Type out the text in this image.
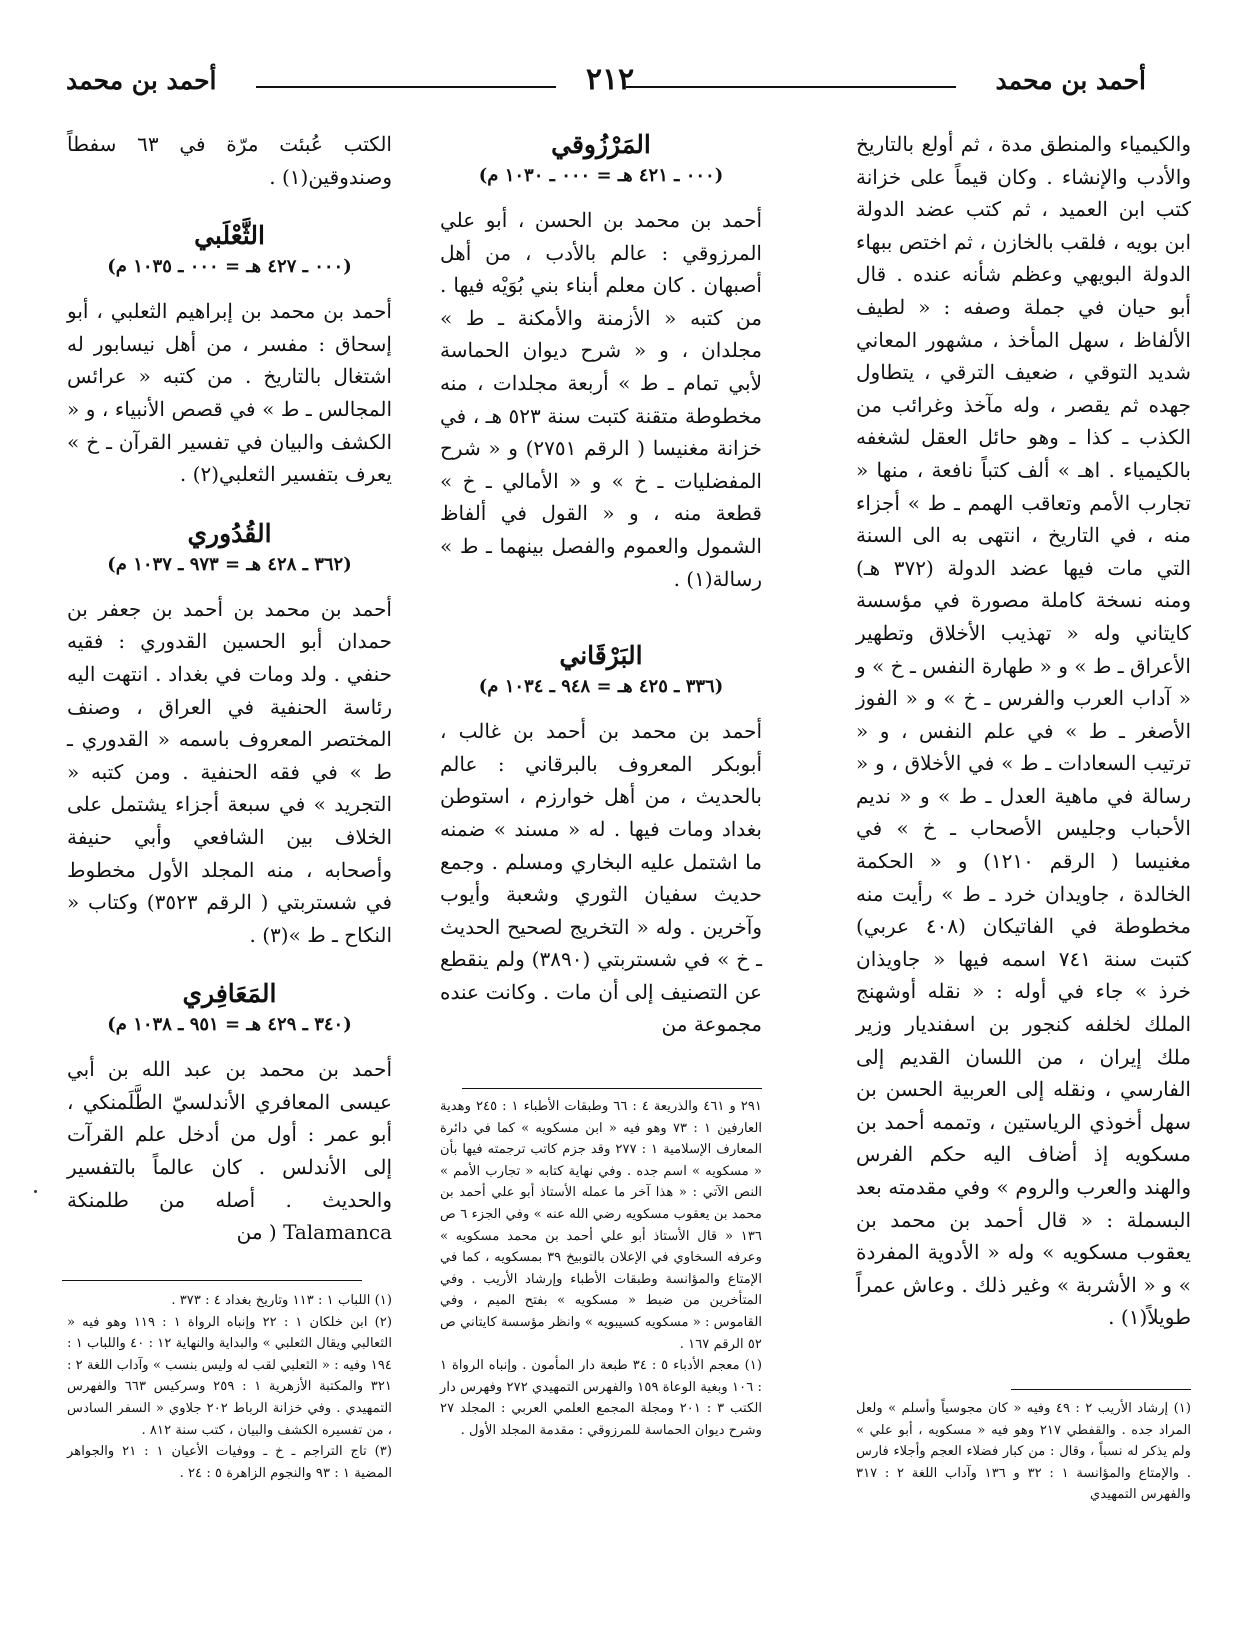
أحمد بن محمد
٢١٢
أحمد بن محمد

والكيمياء والمنطق مدة ، ثم أولع بالتاريخ والأدب والإنشاء . وكان قيماً على خزانة كتب ابن العميد ، ثم كتب عضد الدولة ابن بويه ، فلقب بالخازن ، ثم اختص ببهاء الدولة البويهي وعظم شأنه عنده . قال أبو حيان في جملة وصفه : « لطيف الألفاظ ، سهل المأخذ ، مشهور المعاني شديد التوقي ، ضعيف الترقي ، يتطاول جهده ثم يقصر ، وله مآخذ وغرائب من الكذب ـ كذا ـ وهو حائل العقل لشغفه بالكيمياء . اهـ » ألف كتباً نافعة ، منها « تجارب الأمم وتعاقب الهمم ـ ط » أجزاء منه ، في التاريخ ، انتهى به الى السنة التي مات فيها عضد الدولة (٣٧٢ هـ) ومنه نسخة كاملة مصورة في مؤسسة كايتاني وله « تهذيب الأخلاق وتطهير الأعراق ـ ط » و « طهارة النفس ـ خ » و « آداب العرب والفرس ـ خ » و « الفوز الأصغر ـ ط » في علم النفس ، و « ترتيب السعادات ـ ط » في الأخلاق ، و « رسالة في ماهية العدل ـ ط » و « نديم الأحباب وجليس الأصحاب ـ خ » في مغنيسا ( الرقم ١٢١٠) و « الحكمة الخالدة ، جاويدان خرد ـ ط » رأيت منه مخطوطة في الفاتيكان (٤٠٨ عربي) كتبت سنة ٧٤١ اسمه فيها « جاويذان خرذ » جاء في أوله : « نقله أوشهنج الملك لخلفه كنجور بن اسفنديار وزير ملك إيران ، من اللسان القديم إلى الفارسي ، ونقله إلى العربية الحسن بن سهل أخوذي الرياستين ، وتممه أحمد بن مسكويه إذ أضاف اليه حكم الفرس والهند والعرب والروم » وفي مقدمته بعد البسملة : « قال أحمد بن محمد بن يعقوب مسكويه » وله « الأدوية المفردة » و « الأشربة » وغير ذلك . وعاش عمراً طويلاً(١) .

(١) إرشاد الأريب ٢ : ٤٩ وفيه « كان مجوسياً وأسلم » ولعل المراد جده . والقفطي ٢١٧ وهو فيه « مسكويه ، أبو علي » ولم يذكر له نسباً ، وقال : من كبار فضلاء العجم وأجلاء فارس . والإمتاع والمؤانسة ١ : ٣٢ و ١٣٦ وآداب اللغة ٢ : ٣١٧ والفهرس التمهيدي

المَرْزُوقي

(٠٠٠ ـ ٤٢١ هـ = ٠٠٠ ـ ١٠٣٠ م)

أحمد بن محمد بن الحسن ، أبو علي المرزوقي : عالم بالأدب ، من أهل أصبهان . كان معلم أبناء بني بُوَيْه فيها . من كتبه « الأزمنة والأمكنة ـ ط » مجلدان ، و « شرح ديوان الحماسة لأبي تمام ـ ط » أربعة مجلدات ، منه مخطوطة متقنة كتبت سنة ٥٢٣ هـ ، في خزانة مغنيسا ( الرقم ٢٧٥١) و « شرح المفضليات ـ خ » و « الأمالي ـ خ » قطعة منه ، و « القول في ألفاظ الشمول والعموم والفصل بينهما ـ ط » رسالة(١) .

البَرْقَاني

(٣٣٦ ـ ٤٢٥ هـ = ٩٤٨ ـ ١٠٣٤ م)

أحمد بن محمد بن أحمد بن غالب ، أبوبكر المعروف بالبرقاني : عالم بالحديث ، من أهل خوارزم ، استوطن بغداد ومات فيها . له « مسند » ضمنه ما اشتمل عليه البخاري ومسلم . وجمع حديث سفيان الثوري وشعبة وأيوب وآخرين . وله « التخريج لصحيح الحديث ـ خ » في شستربتي (٣٨٩٠) ولم ينقطع عن التصنيف إلى أن مات . وكانت عنده مجموعة من

٢٩١ و ٤٦١ والذريعة ٤ : ٦٦ وطبقات الأطباء ١ : ٢٤٥ وهدية العارفين ١ : ٧٣ وهو فيه « ابن مسكويه » كما في دائرة المعارف الإسلامية ١ : ٢٧٧ وقد جزم كاتب ترجمته فيها بأن « مسكويه » اسم جده . وفي نهاية كتابه « تجارب الأمم » النص الآتي : « هذا آخر ما عمله الأستاذ أبو علي أحمد بن محمد بن يعقوب مسكويه رضي الله عنه » وفي الجزء ٦ ص ١٣٦ « قال الأستاذ أبو علي أحمد بن محمد مسكويه » وعرفه السخاوي في الإعلان بالتوبيخ ٣٩ بمسكويه ، كما في الإمتاع والمؤانسة وطبقات الأطباء وإرشاد الأريب . وفي المتأخرين من ضبط « مسكويه » بفتح الميم ، وفي القاموس : « مسكويه كسيبويه » وانظر مؤسسة كايتاني ص ٥٢ الرقم ١٦٧ .

(١) معجم الأدباء ٥ : ٣٤ طبعة دار المأمون . وإنباه الرواة ١ : ١٠٦ وبغية الوعاة ١٥٩ والفهرس التمهيدي ٢٧٢ وفهرس دار الكتب ٣ : ٢٠١ ومجلة المجمع العلمي العربي : المجلد ٢٧ وشرح ديوان الحماسة للمرزوقي : مقدمة المجلد الأول .

الكتب عُبئت مرّة في ٦٣ سفطاً وصندوقين(١) .

الثَّعْلَبي

(٠٠٠ ـ ٤٢٧ هـ = ٠٠٠ ـ ١٠٣٥ م)

أحمد بن محمد بن إبراهيم الثعلبي ، أبو إسحاق : مفسر ، من أهل نيسابور له اشتغال بالتاريخ . من كتبه « عرائس المجالس ـ ط » في قصص الأنبياء ، و « الكشف والبيان في تفسير القرآن ـ خ » يعرف بتفسير الثعلبي(٢) .

القُدُوري

(٣٦٢ ـ ٤٢٨ هـ = ٩٧٣ ـ ١٠٣٧ م)

أحمد بن محمد بن أحمد بن جعفر بن حمدان أبو الحسين القدوري : فقيه حنفي . ولد ومات في بغداد . انتهت اليه رئاسة الحنفية في العراق ، وصنف المختصر المعروف باسمه « القدوري ـ ط » في فقه الحنفية . ومن كتبه « التجريد » في سبعة أجزاء يشتمل على الخلاف بين الشافعي وأبي حنيفة وأصحابه ، منه المجلد الأول مخطوط في شستربتي ( الرقم ٣٥٢٣) وكتاب « النكاح ـ ط »(٣) .

المَعَافِري

(٣٤٠ ـ ٤٢٩ هـ = ٩٥١ ـ ١٠٣٨ م)

أحمد بن محمد بن عبد الله بن أبي عيسى المعافري الأندلسيّ الطَّلَمنكي ، أبو عمر : أول من أدخل علم القرآت إلى الأندلس . كان عالماً بالتفسير والحديث . أصله من طلمنكة Talamanca ( من

(١) اللباب ١ : ١١٣ وتاريخ بغداد ٤ : ٣٧٣ .

(٢) ابن خلكان ١ : ٢٢ وإنباه الرواة ١ : ١١٩ وهو فيه « الثعالبي ويقال الثعلبي » والبداية والنهاية ١٢ : ٤٠ واللباب ١ : ١٩٤ وفيه : « الثعلبي لقب له وليس بنسب » وآداب اللغة ٢ : ٣٢١ والمكتبة الأزهرية ١ : ٢٥٩ وسركيس ٦٦٣ والفهرس التمهيدي . وفي خزانة الرباط ٢٠٢ جلاوي « السفر السادس ، من تفسيره الكشف والبيان ، كتب سنة ٨١٢ .

(٣) تاج التراجم ـ خ ـ ووفيات الأعيان ١ : ٢١ والجواهر المضية ١ : ٩٣ والنجوم الزاهرة ٥ : ٢٤ .
